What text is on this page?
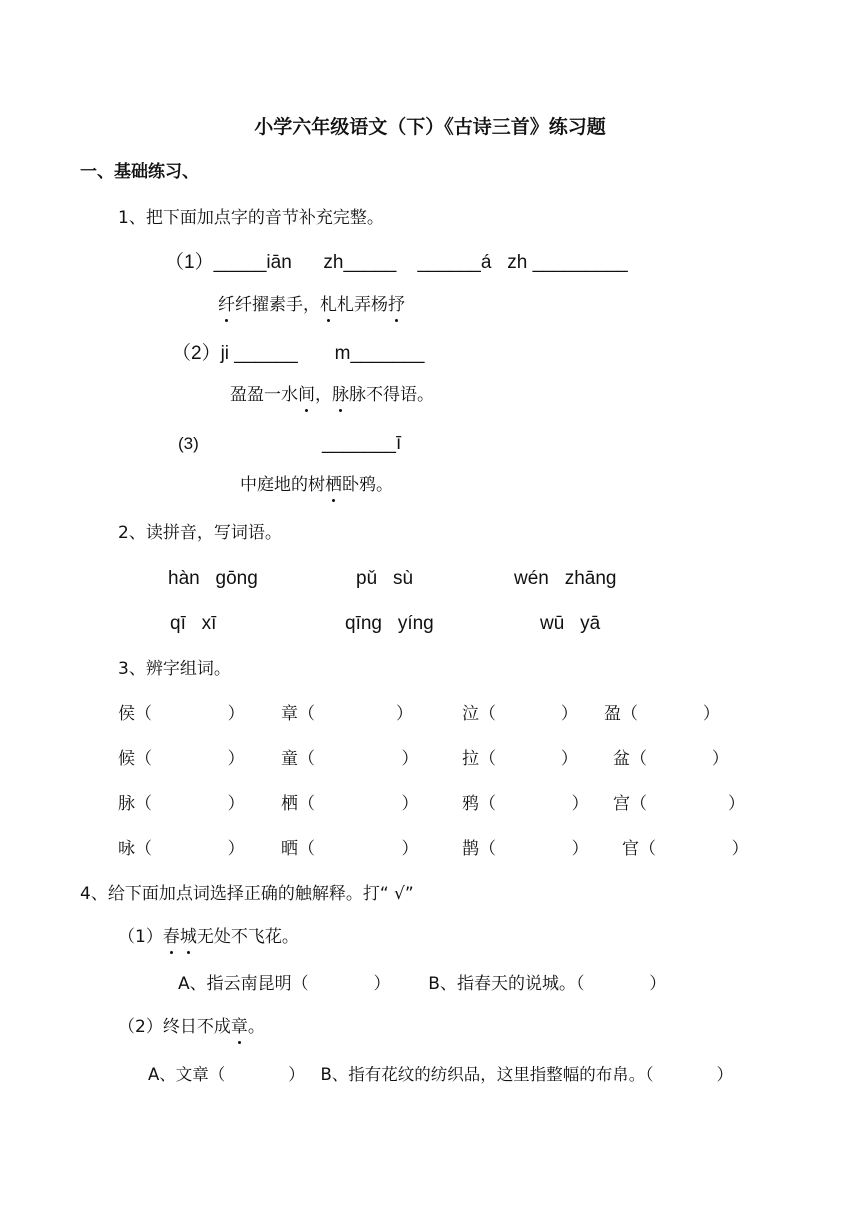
小学六年级语文（下）《古诗三首》练习题
一、基础练习、
1、把下面加点字的音节补充完整。
（1）_____iān      zh_____    ______á   zh _________
纤纤擢素手，札札弄杨抒
（2）ji ______       m_______
盈盈一水间，脉脉不得语。
(3)	_______ī
中庭地的树栖卧鸦。
2、读拼音，写词语。
hàn   gōng	pǔ   sù	wén   zhāng
qī   xī	qīng   yíng	wū   yā
3、辨字组词。
侯（              ） 章（               ）	泣（            ） 盈（            ）
候（              ） 童（                ）	拉（            ） 盆（            ）
脉（              ） 栖（                ）	鸦（              ） 宫（               ）
咏（              ） 晒（                ）	鹊（              ） 官（              ）
4、给下面加点词选择正确的触解释。打“ √”
（1）春城无处不飞花。
A、指云南昆明（            ）       B、指春天的说城。（            ）
（2）终日不成章。
A、文章（            ）   B、指有花纹的纺织品，这里指整幅的布帛。（            ）
